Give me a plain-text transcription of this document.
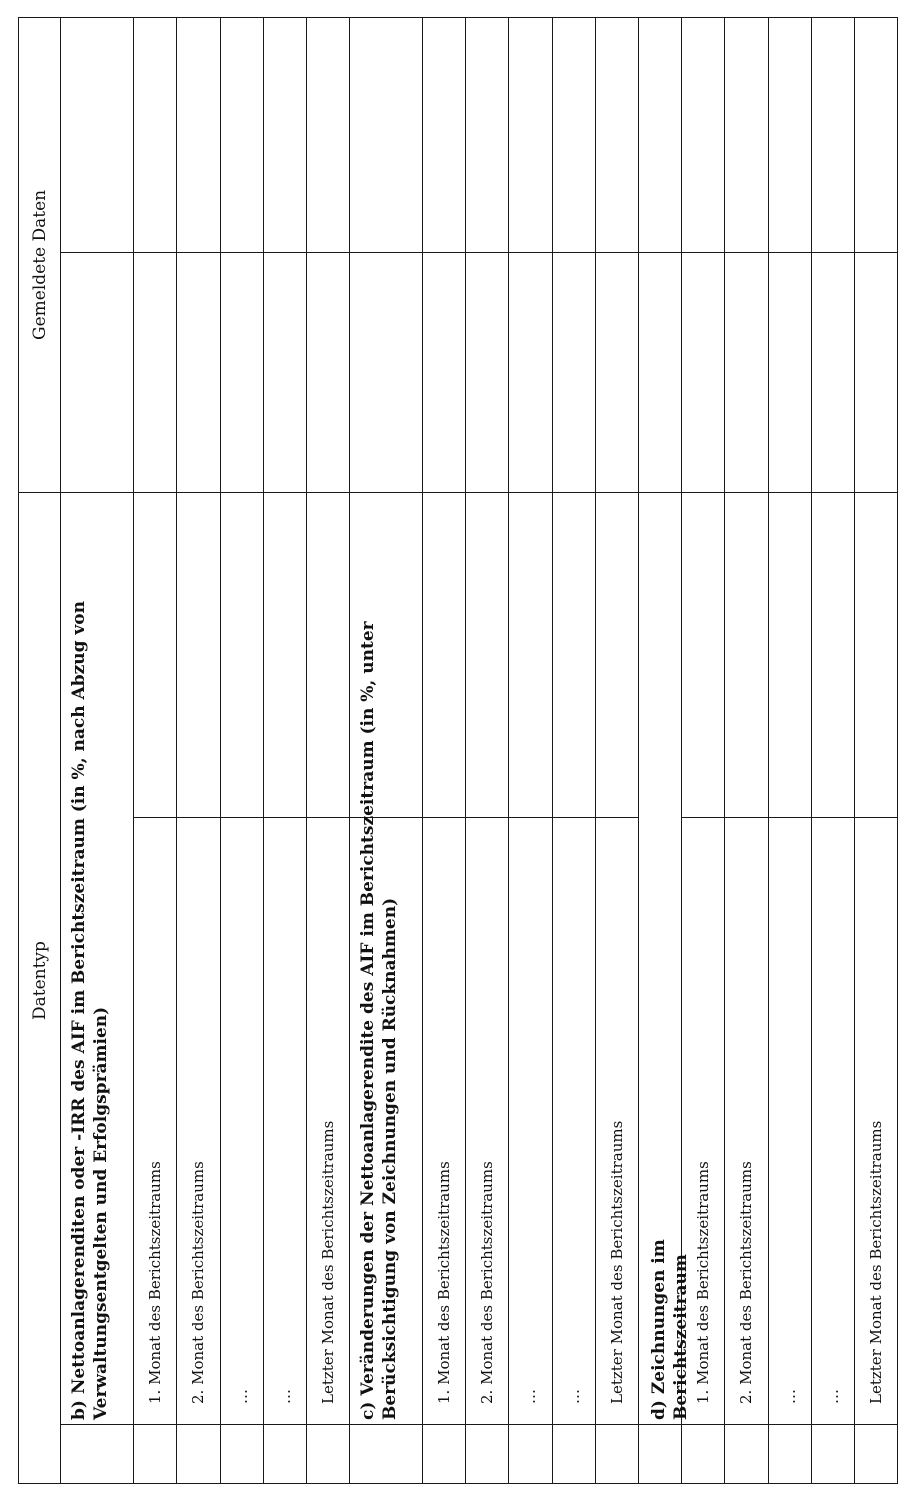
Datentyp
Gemeldete Daten
b) Nettoanlagerenditen oder -IRR des AIF im Berichtszeitraum (in %, nach Abzug von Verwaltungsentgelten und Erfolgsprämien) 1. Monat des Berichtszeitraums 2. Monat des Berichtszeitraums … … Letzter Monat des Berichtszeitraums c) Veränderungen der Nettoanlagerendite des AIF im Berichtszeitraum (in %, unter Berücksichtigung von Zeichnungen und Rücknahmen) 1. Monat des Berichtszeitraums 2. Monat des Berichtszeitraums … … Letzter Monat des Berichtszeitraums d) Zeichnungen im Berichtszeitraum 1. Monat des Berichtszeitraums 2. Monat des Berichtszeitraums … … Letzter Monat des Berichtszeitraums
